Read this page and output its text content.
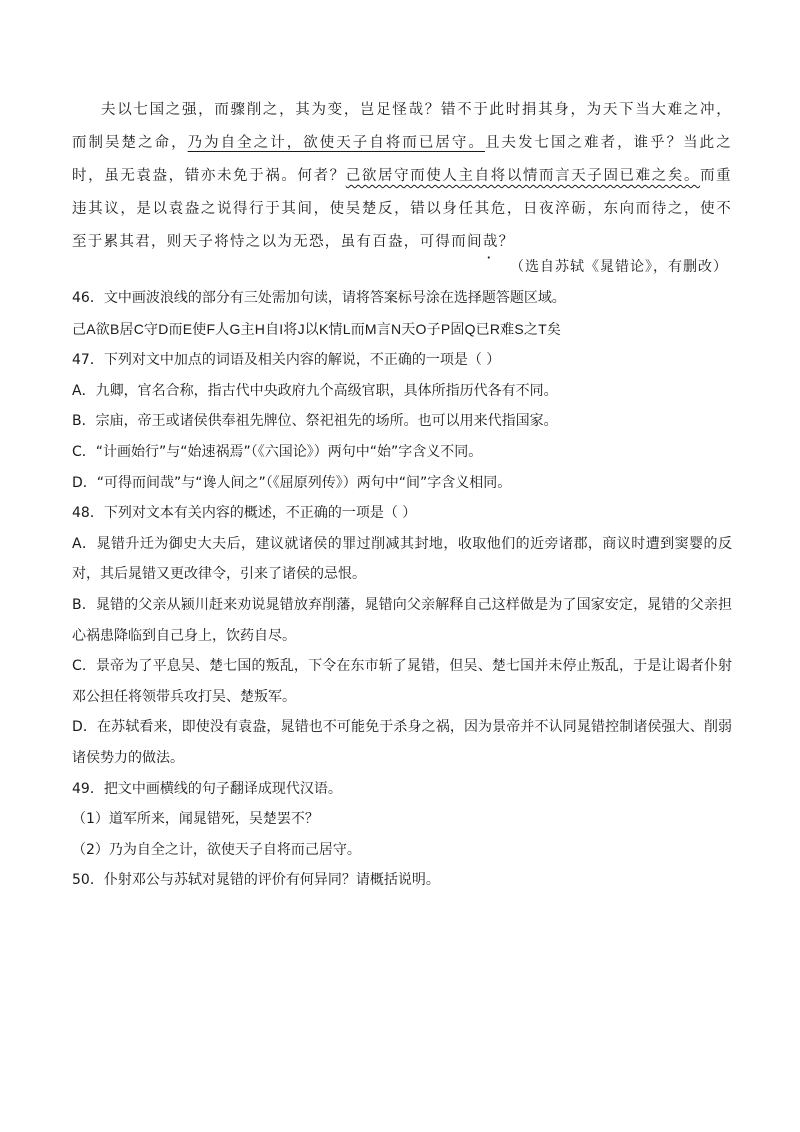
夫以七国之强，而骤削之，其为变，岂足怪哉？错不于此时捐其身，为天下当大难之冲，而制吴楚之命，乃为自全之计，欲使天子自将而已居守。且夫发七国之难者，谁乎？当此之时，虽无袁盎，错亦未免于祸。何者？己欲居守而使人主自将以情而言天子固已难之矣。而重违其议，是以袁盎之说得行于其间，使吴楚反，错以身任其危，日夜淬砺，东向而待之，使不至于累其君，则天子将恃之以为无恐，虽有百盎，可得而间哉？

（选自苏轼《晁错论》，有删改）

46．文中画波浪线的部分有三处需加句读，请将答案标号涂在选择题答题区域。

己A欲B居C守D而E使F人G主H自I将J以K情L而M言N天O子P固Q已R难S之T矣

47．下列对文中加点的词语及相关内容的解说，不正确的一项是（ ）

A．九卿，官名合称，指古代中央政府九个高级官职，具体所指历代各有不同。

B．宗庙，帝王或诸侯供奉祖先牌位、祭祀祖先的场所。也可以用来代指国家。

C．“计画始行”与“始速祸焉”（《六国论》）两句中“始”字含义不同。

D．“可得而间哉”与“谗人间之”（《屈原列传》）两句中“间”字含义相同。

48．下列对文本有关内容的概述，不正确的一项是（ ）

A．晁错升迁为御史大夫后，建议就诸侯的罪过削减其封地，收取他们的近旁诸郡，商议时遭到窦婴的反对，其后晁错又更改律令，引来了诸侯的忌恨。

B．晁错的父亲从颍川赶来劝说晁错放弃削藩，晁错向父亲解释自己这样做是为了国家安定，晁错的父亲担心祸患降临到自己身上，饮药自尽。

C．景帝为了平息吴、楚七国的叛乱，下令在东市斩了晁错，但吴、楚七国并未停止叛乱，于是让谒者仆射邓公担任将领带兵攻打吴、楚叛军。

D．在苏轼看来，即使没有袁盎，晁错也不可能免于杀身之祸，因为景帝并不认同晁错控制诸侯强大、削弱诸侯势力的做法。

49．把文中画横线的句子翻译成现代汉语。

（1）道军所来，闻晁错死，吴楚罢不？

（2）乃为自全之计，欲使天子自将而己居守。

50．仆射邓公与苏轼对晁错的评价有何异同？请概括说明。
